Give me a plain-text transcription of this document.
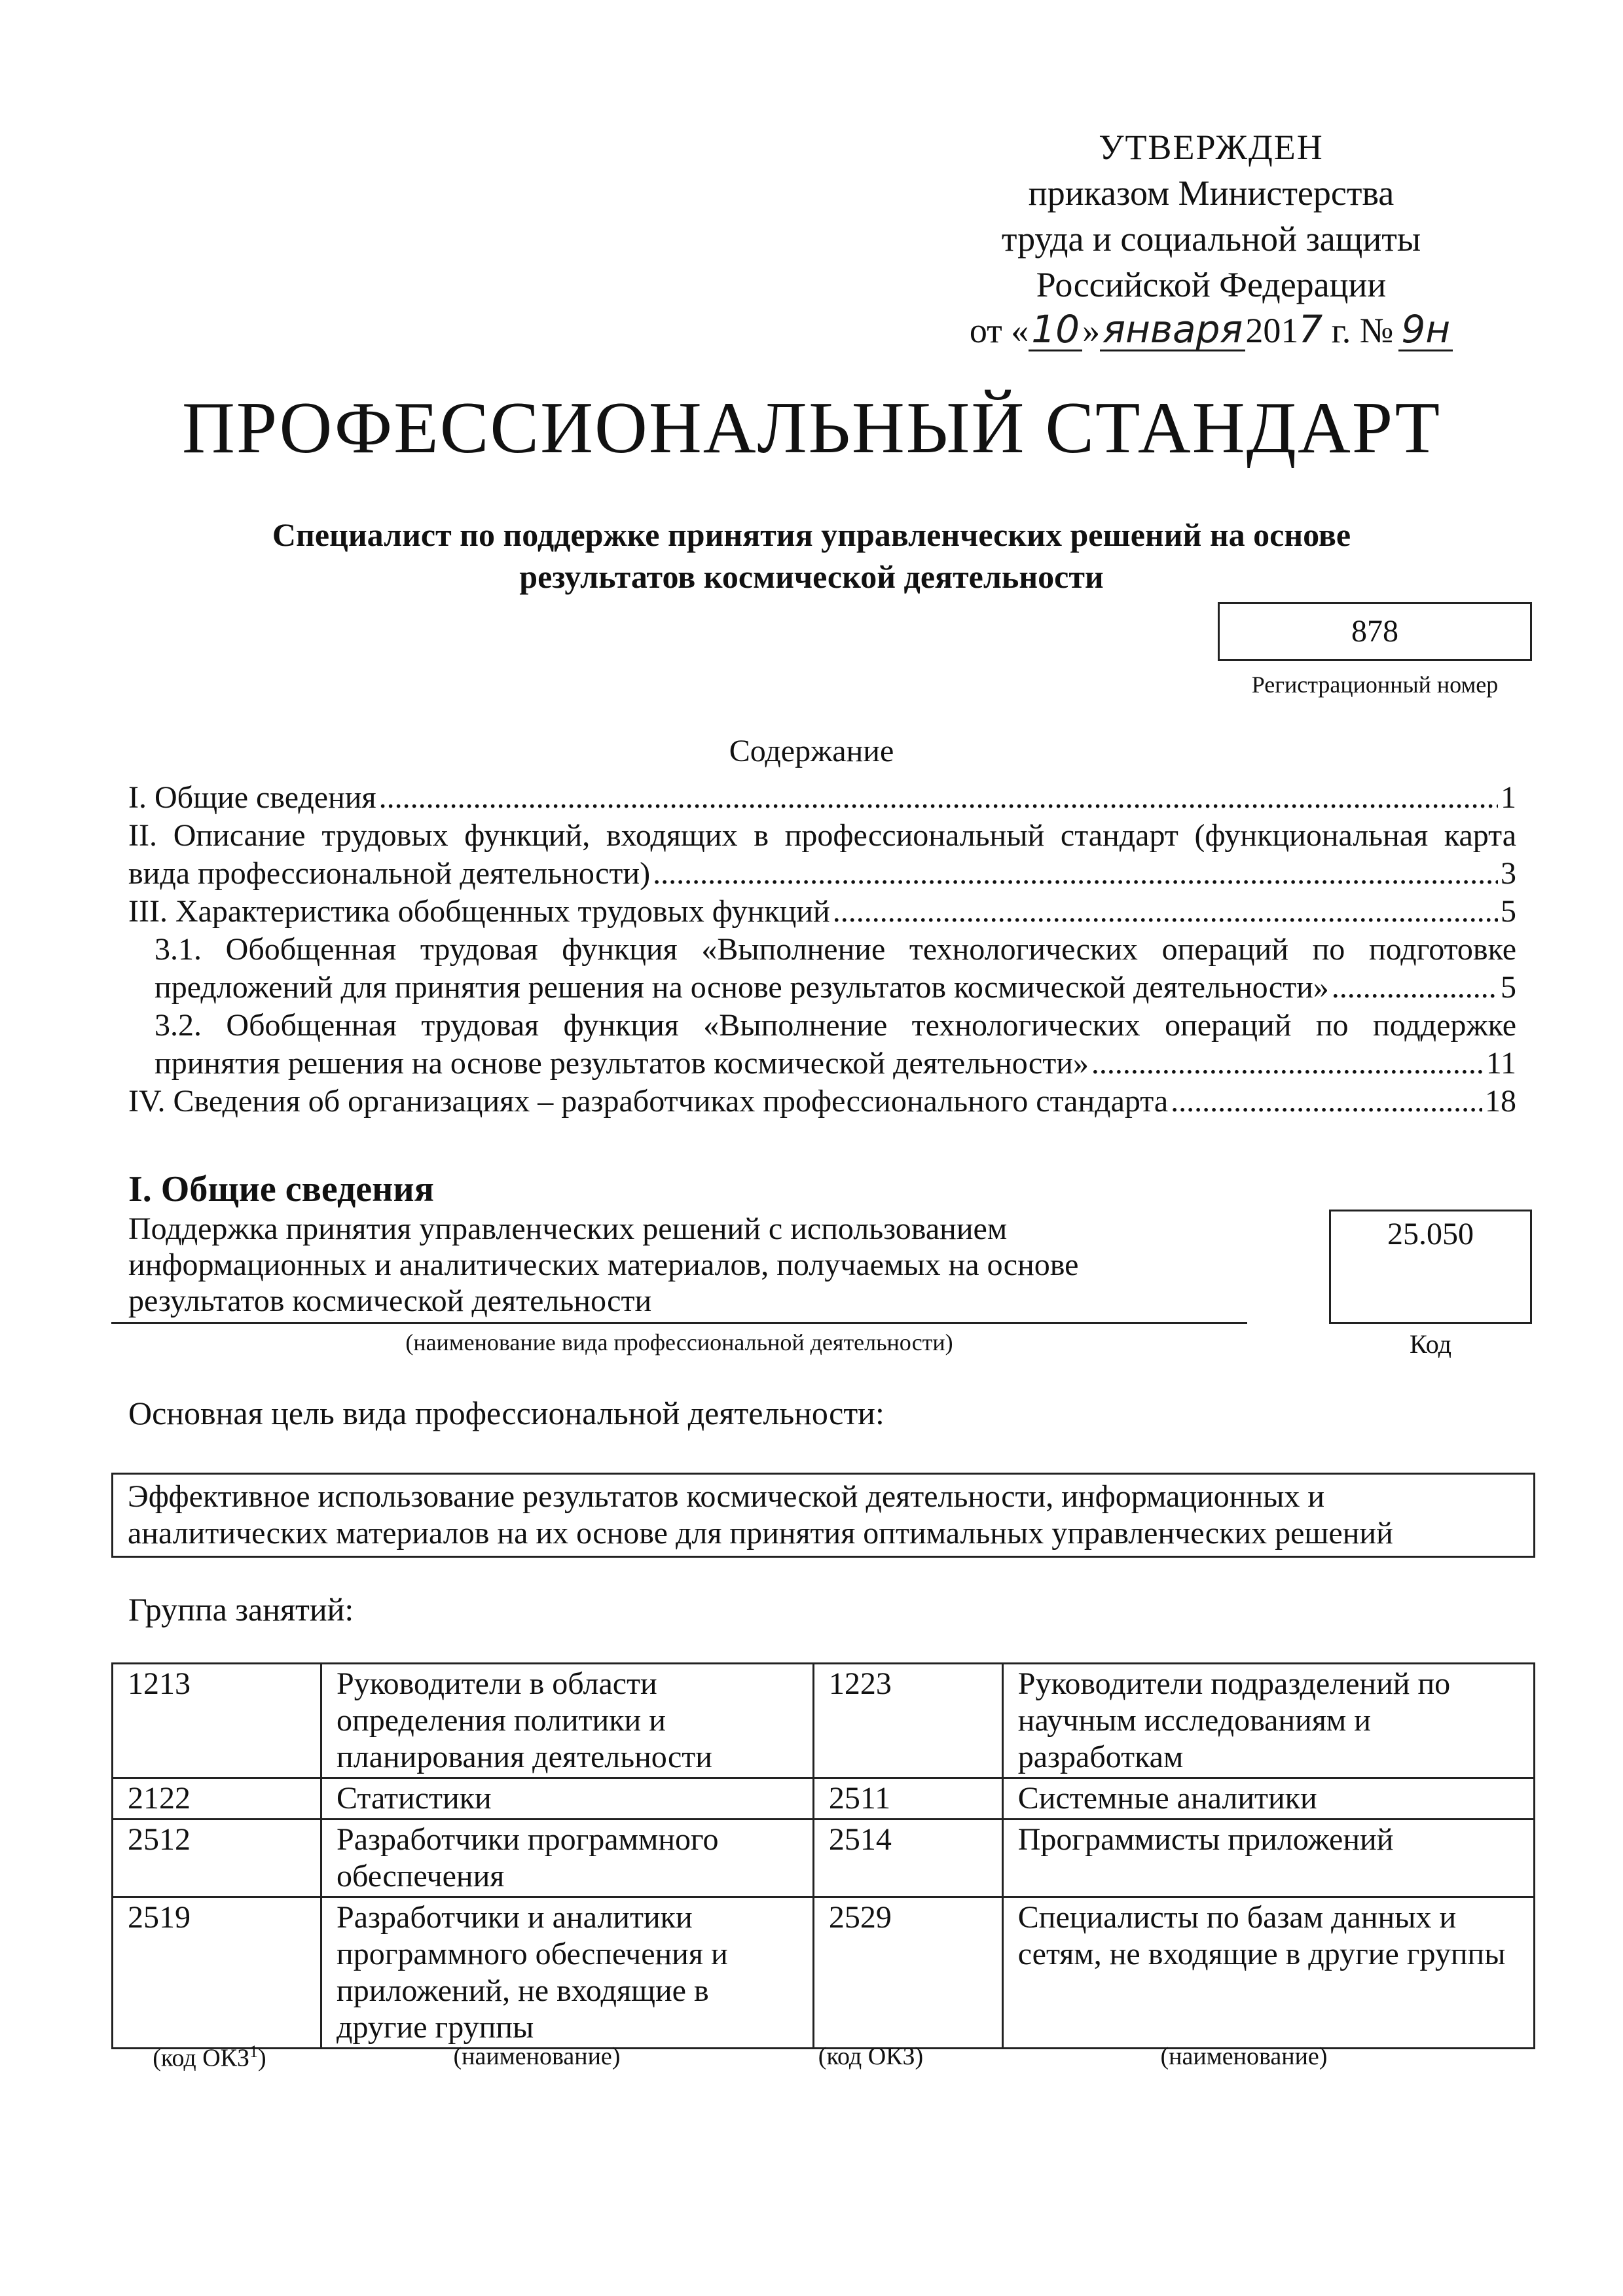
УТВЕРЖДЕН
приказом Министерства
труда и социальной защиты
Российской Федерации
от « 10 » января 201 7 г. № 9н
ПРОФЕССИОНАЛЬНЫЙ СТАНДАРТ
Специалист по поддержке принятия управленческих решений на основе
результатов космической деятельности
878
Регистрационный номер
Содержание
I. Общие сведения .....	1
II. Описание трудовых функций, входящих в профессиональный стандарт (функциональная карта
вида профессиональной деятельности) .....	3
III. Характеристика обобщенных трудовых функций .....	5
3.1. Обобщенная трудовая функция «Выполнение технологических операций по подготовке
предложений для принятия решения на основе результатов космической деятельности» .....	5
3.2. Обобщенная трудовая функция «Выполнение технологических операций по поддержке
принятия решения на основе результатов космической деятельности» .....	11
IV. Сведения об организациях – разработчиках профессионального стандарта .....	18
I. Общие сведения
Поддержка принятия управленческих решений с использованием
информационных и аналитических материалов, получаемых на основе
результатов космической деятельности
(наименование вида профессиональной деятельности)
25.050
Код
Основная цель вида профессиональной деятельности:
Эффективное использование результатов космической деятельности, информационных и
аналитических материалов на их основе для принятия оптимальных управленческих решений
Группа занятий:
1213	Руководители в области определения политики и планирования деятельности	1223	Руководители подразделений по научным исследованиям и разработкам
2122	Статистики	2511	Системные аналитики
2512	Разработчики программного обеспечения	2514	Программисты приложений
2519	Разработчики и аналитики программного обеспечения и приложений, не входящие в другие группы	2529	Специалисты по базам данных и сетям, не входящие в другие группы
(код ОКЗ$^1$)	(наименование)	(код ОКЗ)	(наименование)
